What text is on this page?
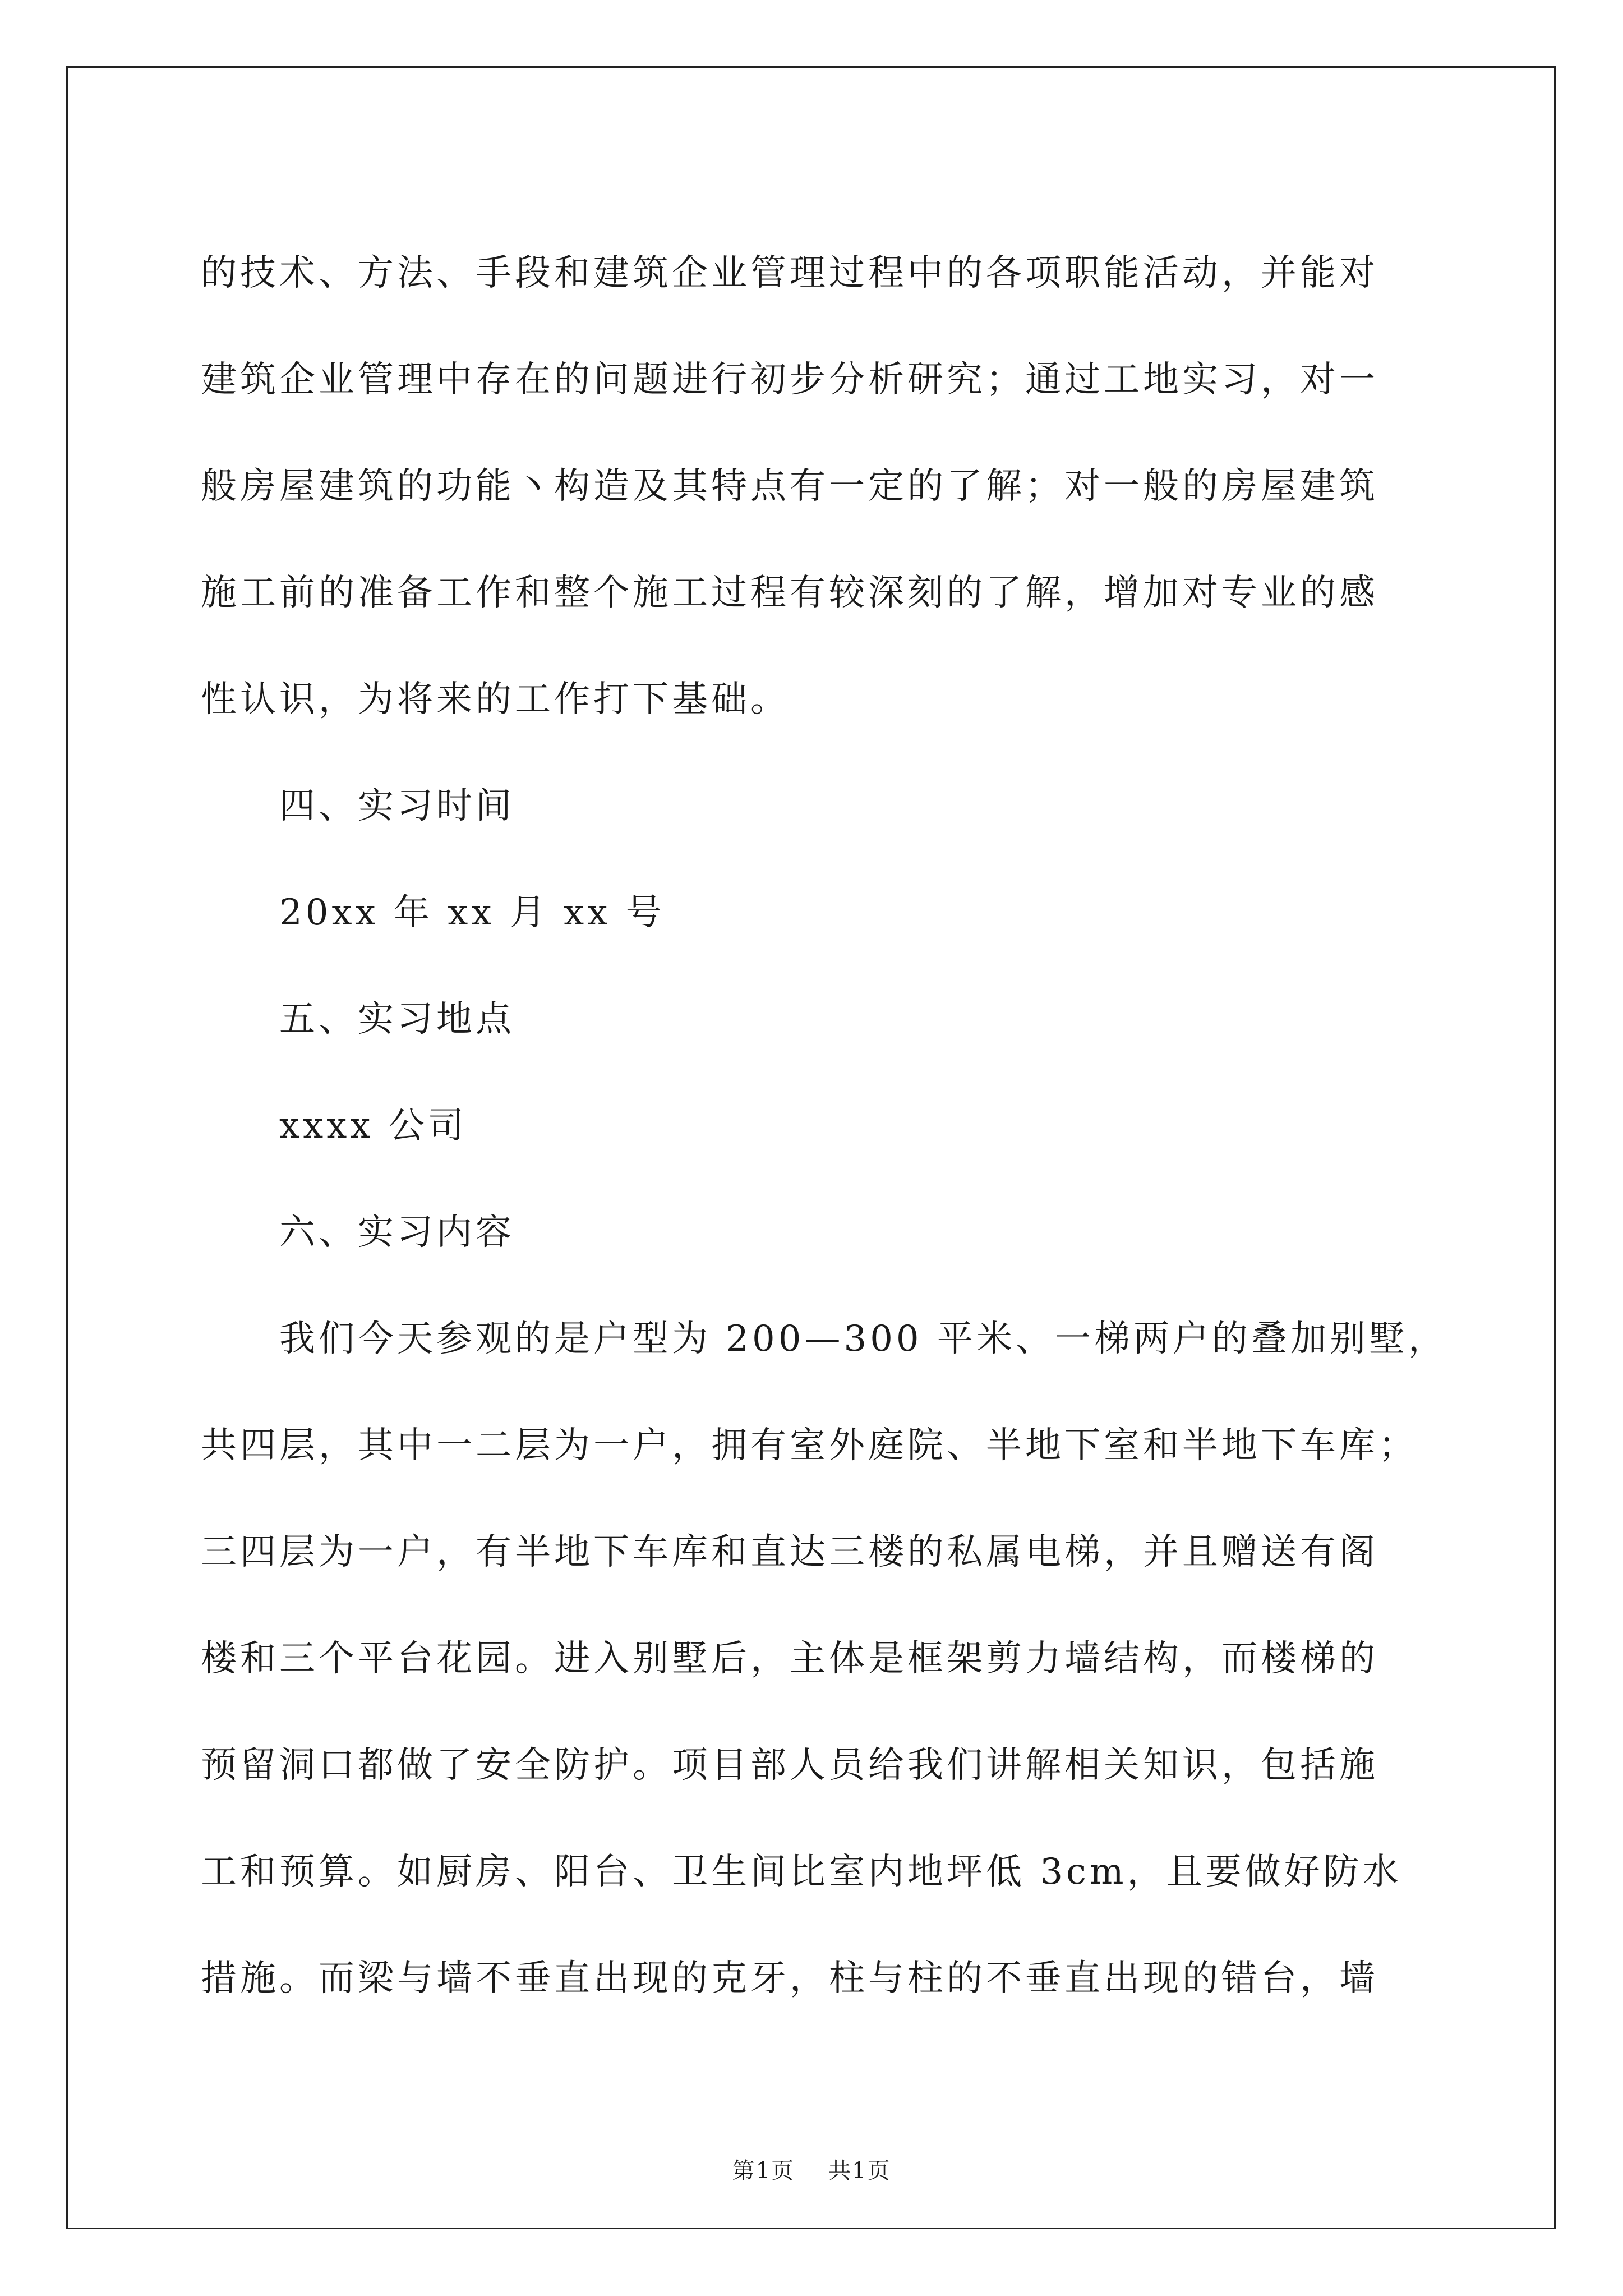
的技术、方法、手段和建筑企业管理过程中的各项职能活动，并能对

建筑企业管理中存在的问题进行初步分析研究；通过工地实习，对一

般房屋建筑的功能丶构造及其特点有一定的了解；对一般的房屋建筑

施工前的准备工作和整个施工过程有较深刻的了解，增加对专业的感

性认识，为将来的工作打下基础。

四、实习时间

20xx 年 xx 月 xx 号

五、实习地点

xxxx 公司

六、实习内容

我们今天参观的是户型为 200—300 平米、一梯两户的叠加别墅，

共四层，其中一二层为一户，拥有室外庭院、半地下室和半地下车库；

三四层为一户，有半地下车库和直达三楼的私属电梯，并且赠送有阁

楼和三个平台花园。进入别墅后，主体是框架剪力墙结构，而楼梯的

预留洞口都做了安全防护。项目部人员给我们讲解相关知识，包括施

工和预算。如厨房、阳台、卫生间比室内地坪低 3cm，且要做好防水

措施。而梁与墙不垂直出现的克牙，柱与柱的不垂直出现的错台，墙

第1页 共1页
